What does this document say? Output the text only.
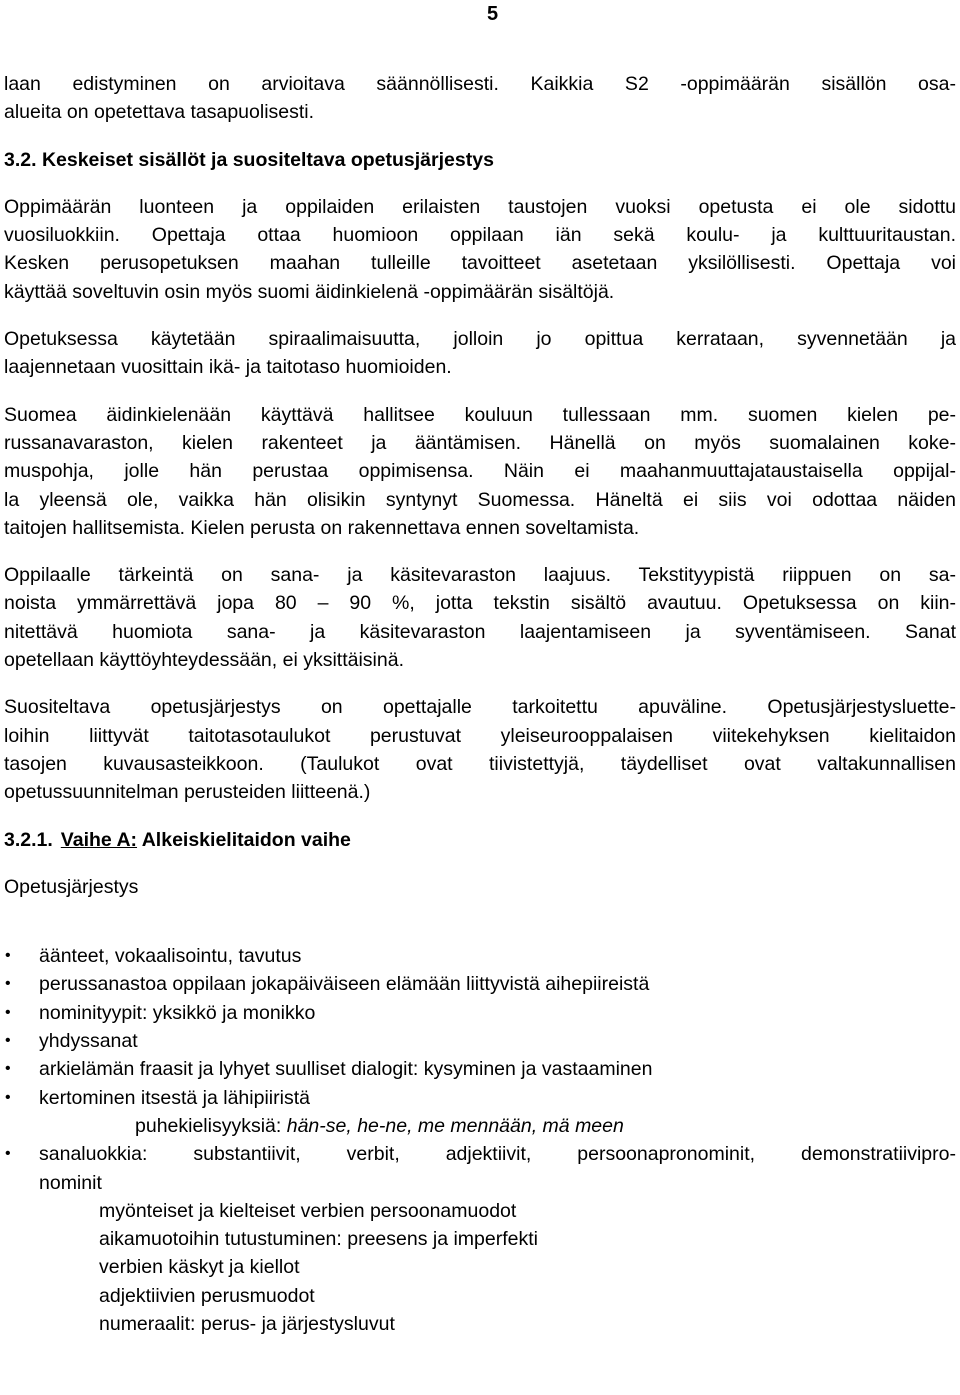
5
laan edistyminen on arvioitava säännöllisesti. Kaikkia S2 -oppimäärän sisällön osa-
alueita on opetettava tasapuolisesti.
3.2. Keskeiset sisällöt ja suositeltava opetusjärjestys
Oppimäärän luonteen ja oppilaiden erilaisten taustojen vuoksi opetusta ei ole sidottu
vuosiluokkiin. Opettaja ottaa huomioon oppilaan iän sekä koulu- ja kulttuuritaustan.
Kesken perusopetuksen maahan tulleille tavoitteet asetetaan yksilöllisesti. Opettaja voi
käyttää soveltuvin osin myös suomi äidinkielenä -oppimäärän sisältöjä.
Opetuksessa käytetään spiraalimaisuutta, jolloin jo opittua kerrataan, syvennetään ja
laajennetaan vuosittain ikä- ja taitotaso huomioiden.
Suomea äidinkielenään käyttävä hallitsee kouluun tullessaan mm. suomen kielen pe-
russanavaraston, kielen rakenteet ja ääntämisen. Hänellä on myös suomalainen koke-
muspohja, jolle hän perustaa oppimisensa. Näin ei maahanmuuttajataustaisella oppijal-
la yleensä ole, vaikka hän olisikin syntynyt Suomessa. Häneltä ei siis voi odottaa näiden
taitojen hallitsemista. Kielen perusta on rakennettava ennen soveltamista.
Oppilaalle tärkeintä on sana- ja käsitevaraston laajuus. Tekstityypistä riippuen on sa-
noista ymmärrettävä jopa 80 – 90 %, jotta tekstin sisältö avautuu. Opetuksessa on kiin-
nitettävä huomiota sana- ja käsitevaraston laajentamiseen ja syventämiseen. Sanat
opetellaan käyttöyhteydessään, ei yksittäisinä.
Suositeltava opetusjärjestys on opettajalle tarkoitettu apuväline. Opetusjärjestysluette-
loihin liittyvät taitotasotaulukot perustuvat yleiseurooppalaisen viitekehyksen kielitaidon
tasojen kuvausasteikkoon. (Taulukot ovat tiivistettyjä, täydelliset ovat valtakunnallisen
opetussuunnitelman perusteiden liitteenä.)
3.2.1. Vaihe A: Alkeiskielitaidon vaihe
Opetusjärjestys
• äänteet, vokaalisointu, tavutus
• perussanastoa oppilaan jokapäiväiseen elämään liittyvistä aihepiireistä
• nominityypit: yksikkö ja monikko
• yhdyssanat
• arkielämän fraasit ja lyhyet suulliset dialogit: kysyminen ja vastaaminen
• kertominen itsestä ja lähipiiristä
puhekielisyyksiä: hän-se, he-ne, me mennään, mä meen
• sanaluokkia: substantiivit, verbit, adjektiivit, persoonapronominit, demonstratiivipro-
nominit
myönteiset ja kielteiset verbien persoonamuodot
aikamuotoihin tutustuminen: preesens ja imperfekti
verbien käskyt ja kiellot
adjektiivien perusmuodot
numeraalit: perus- ja järjestysluvut
